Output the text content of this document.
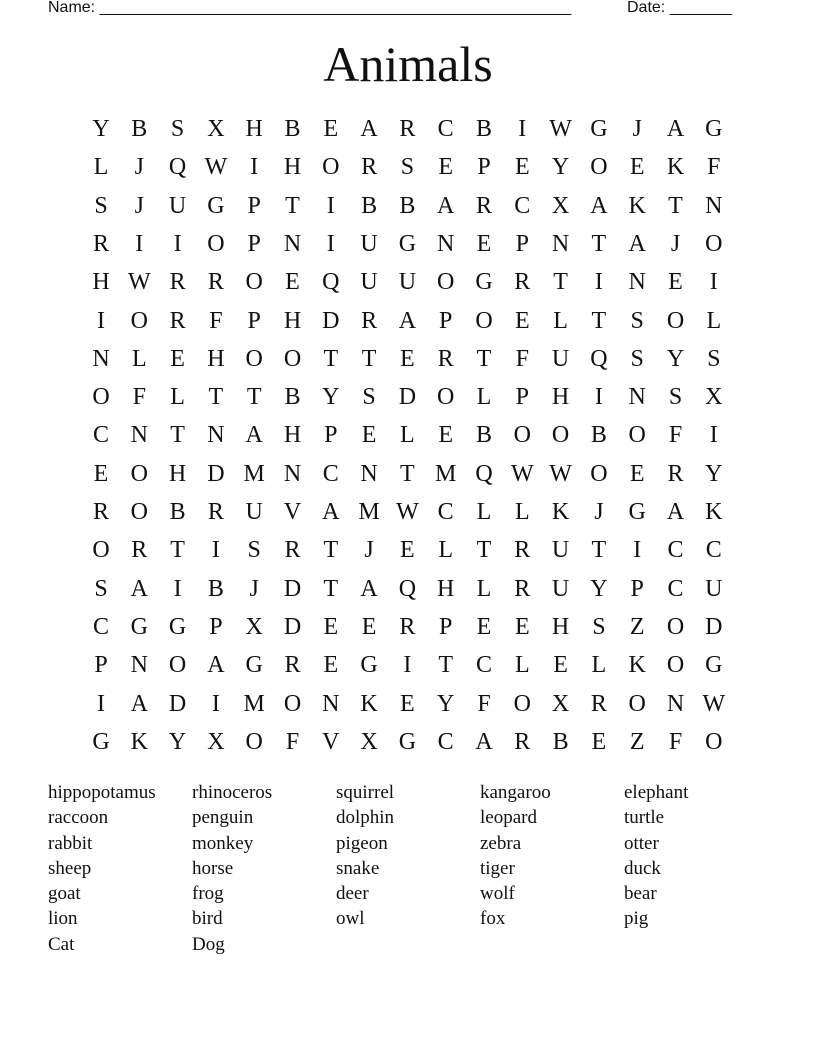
Name: _____________________________________________________	Date: _______
Animals
Y B S X H B E A R C B	I W G	J	A G
L	J	Q W I	H O R S	E	P	E Y O E K F
S	J	U G P	T	I	B B A R C X A K T N
R	I	I	O P N	I	U G N E	P N T A	J	O
H W R R O E Q U U O G R T	I	N E	I
I	O R F	P H D R A P O E L T	S O L
N L E H O O T T E R T	F U Q S Y S
O F	L T T B Y S D O L	P H	I	N S X
C N T N A H P	E L E B O O B O F	I
E O H D M N C N T M Q W W O E R Y
R O B R U V A M W C L L K	J	G A K
O R T	I	S R T	J	E L T R U T	I	C C
S A	I	B	J	D T A Q H L R U Y P C U
C G G P X D E E R P	E E H S	Z O D
P N O A G R E G	I	T C L E L K O G
I	A D	I M O N K E Y F O X R O N W
G K Y X O F V X G C A R B E Z	F O
hippopotamus	rhinoceros	squirrel	kangaroo	elephant
raccoon	penguin	dolphin	leopard	turtle
rabbit	monkey	pigeon	zebra	otter
sheep	horse	snake	tiger	duck
goat	frog	deer	wolf	bear
lion	bird	owl	fox	pig
Cat	Dog
